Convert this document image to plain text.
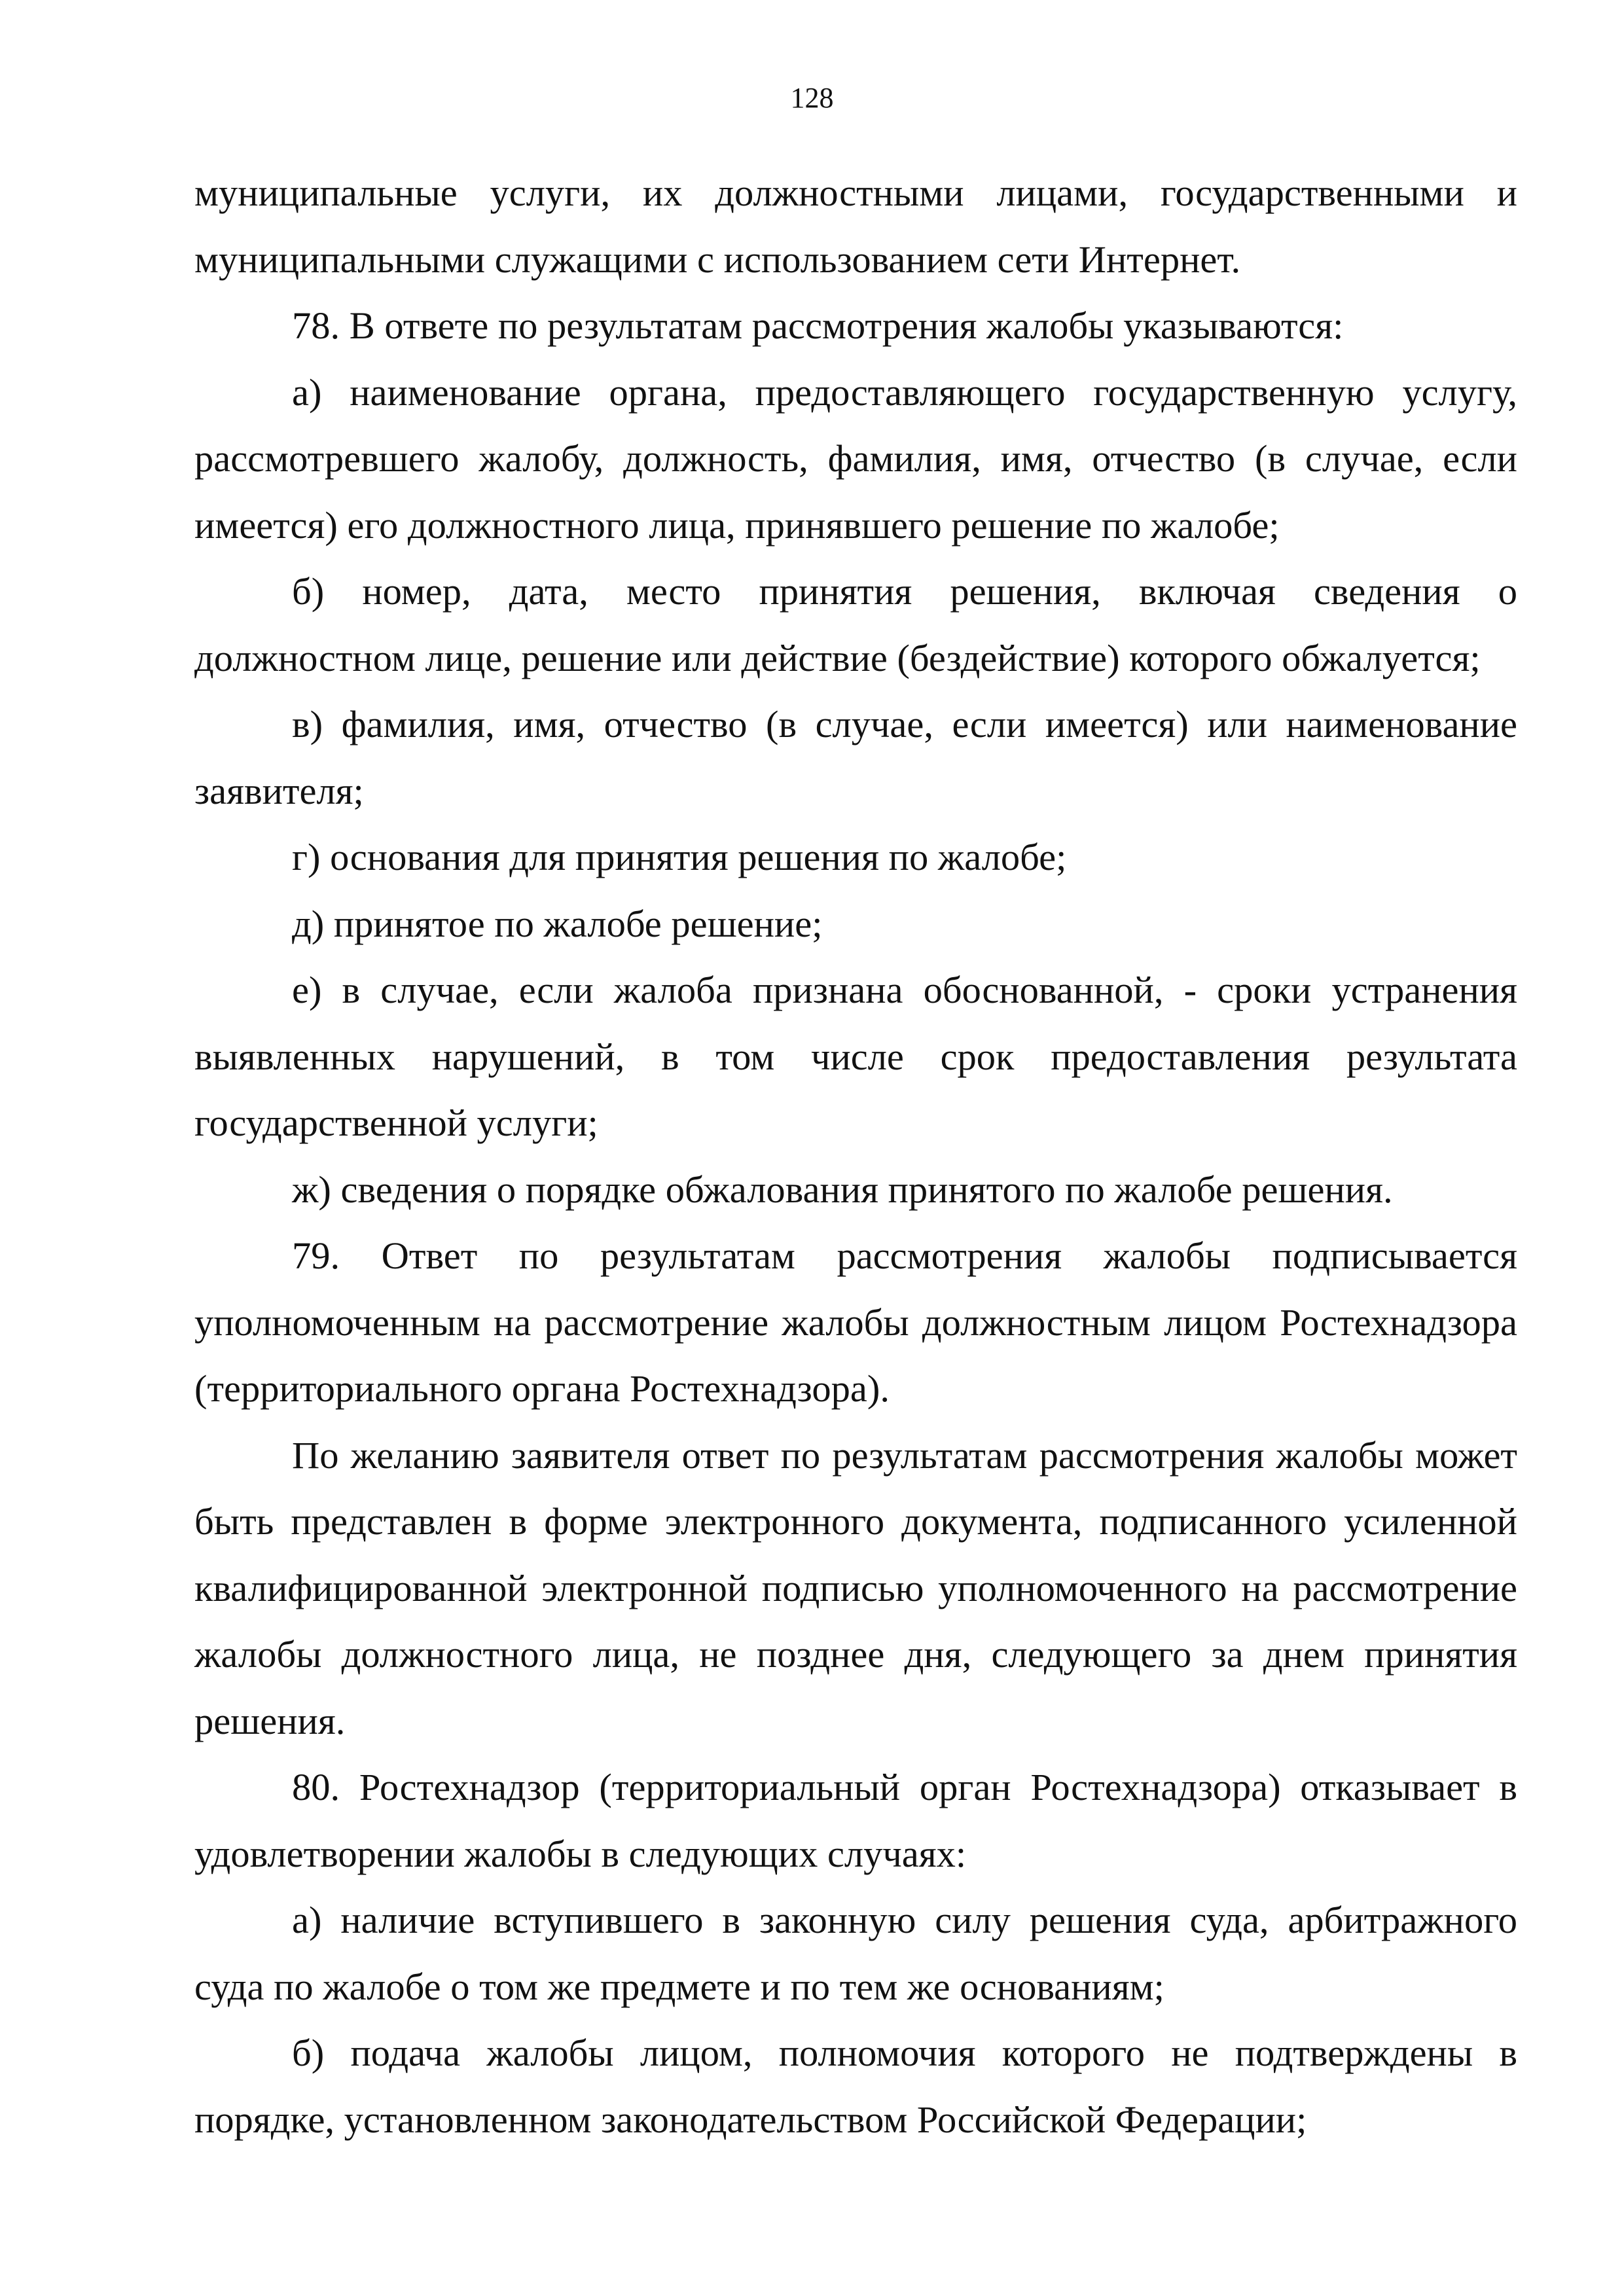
128

муниципальные услуги, их должностными лицами, государственными и муниципальными служащими с использованием сети Интернет.

78. В ответе по результатам рассмотрения жалобы указываются:

а) наименование органа, предоставляющего государственную услугу, рассмотревшего жалобу, должность, фамилия, имя, отчество (в случае, если имеется) его должностного лица, принявшего решение по жалобе;

б) номер, дата, место принятия решения, включая сведения о должностном лице, решение или действие (бездействие) которого обжалуется;

в) фамилия, имя, отчество (в случае, если имеется) или наименование заявителя;

г) основания для принятия решения по жалобе;

д) принятое по жалобе решение;

е) в случае, если жалоба признана обоснованной, - сроки устранения выявленных нарушений, в том числе срок предоставления результата государственной услуги;

ж) сведения о порядке обжалования принятого по жалобе решения.

79. Ответ по результатам рассмотрения жалобы подписывается уполномоченным на рассмотрение жалобы должностным лицом Ростехнадзора (территориального органа Ростехнадзора).

По желанию заявителя ответ по результатам рассмотрения жалобы может быть представлен в форме электронного документа, подписанного усиленной квалифицированной электронной подписью уполномоченного на рассмотрение жалобы должностного лица, не позднее дня, следующего за днем принятия решения.

80. Ростехнадзор (территориальный орган Ростехнадзора) отказывает в удовлетворении жалобы в следующих случаях:

а) наличие вступившего в законную силу решения суда, арбитражного суда по жалобе о том же предмете и по тем же основаниям;

б) подача жалобы лицом, полномочия которого не подтверждены в порядке, установленном законодательством Российской Федерации;
